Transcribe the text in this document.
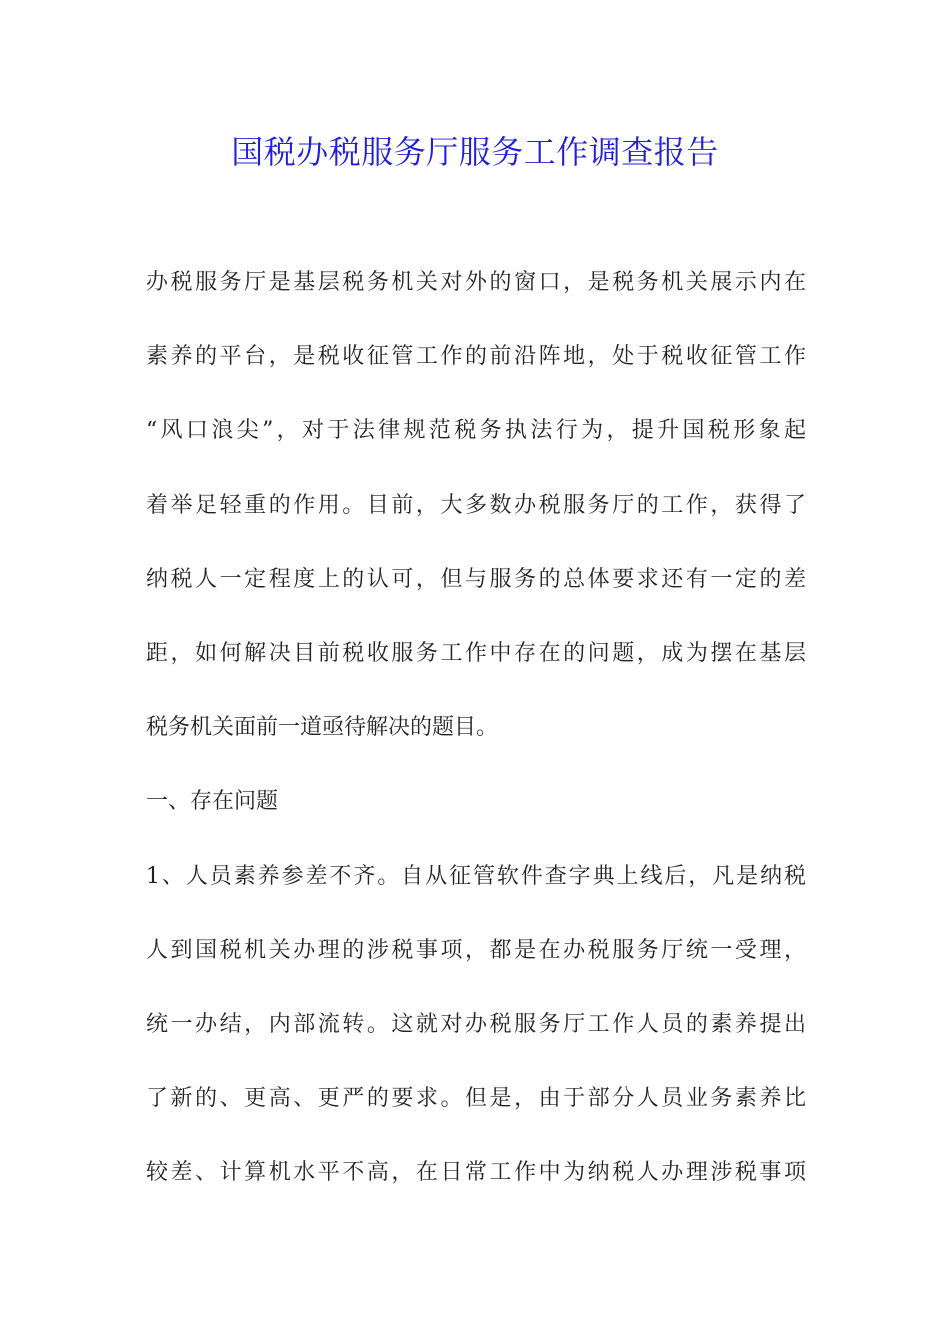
国税办税服务厅服务工作调查报告
办税服务厅是基层税务机关对外的窗口，是税务机关展示内在
素养的平台，是税收征管工作的前沿阵地，处于税收征管工作
“风口浪尖”，对于法律规范税务执法行为，提升国税形象起
着举足轻重的作用。目前，大多数办税服务厅的工作，获得了
纳税人一定程度上的认可，但与服务的总体要求还有一定的差
距，如何解决目前税收服务工作中存在的问题，成为摆在基层
税务机关面前一道亟待解决的题目。
一、存在问题
1、人员素养参差不齐。自从征管软件查字典上线后，凡是纳税
人到国税机关办理的涉税事项，都是在办税服务厅统一受理，
统一办结，内部流转。这就对办税服务厅工作人员的素养提出
了新的、更高、更严的要求。但是，由于部分人员业务素养比
较差、计算机水平不高，在日常工作中为纳税人办理涉税事项
